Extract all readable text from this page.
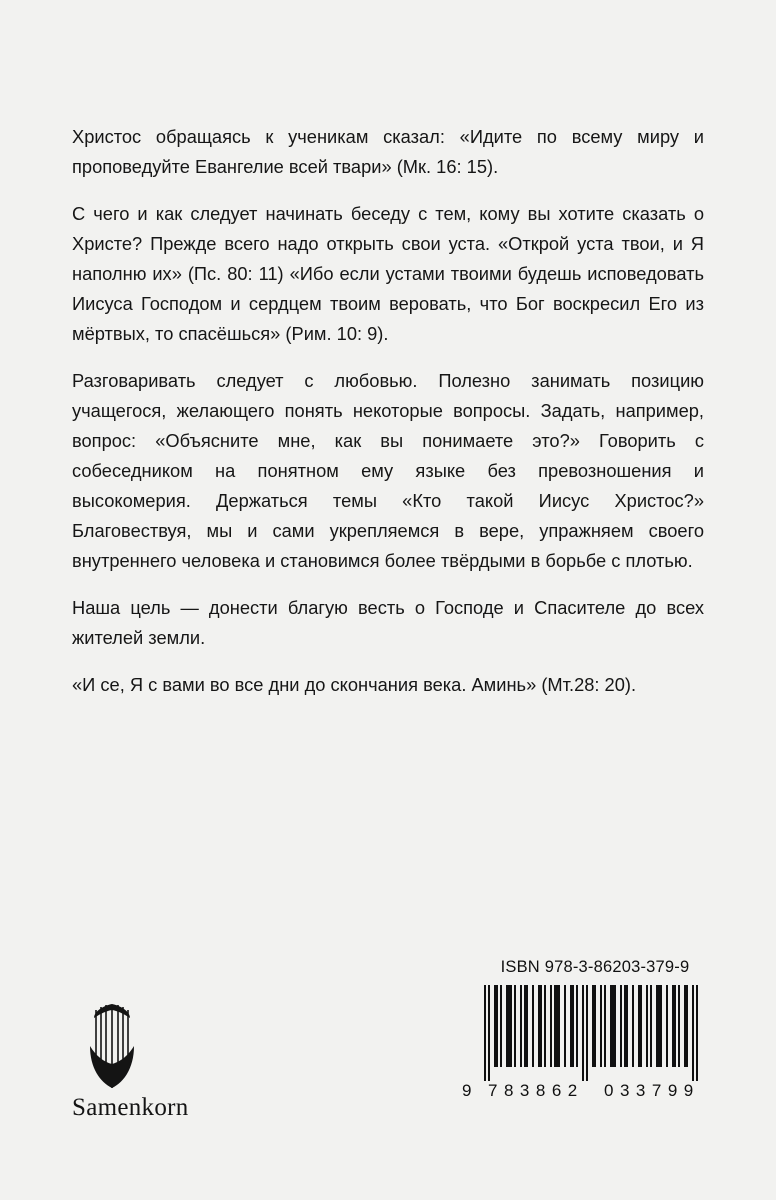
Христос обращаясь к ученикам сказал: «Идите по всему миру и проповедуйте Евангелие всей твари» (Мк. 16: 15).

С чего и как следует начинать беседу с тем, кому вы хотите сказать о Христе? Прежде всего надо открыть свои уста. «Открой уста твои, и Я наполню их» (Пс. 80: 11) «Ибо если устами твоими будешь исповедовать Иисуса Господом и сердцем твоим веровать, что Бог воскресил Его из мёртвых, то спасёшься» (Рим. 10: 9).

Разговаривать следует с любовью. Полезно занимать позицию учащегося, желающего понять некоторые вопросы. Задать, например, вопрос: «Объясните мне, как вы понимаете это?» Говорить с собеседником на понятном ему языке без превозношения и высокомерия. Держаться темы «Кто такой Иисус Христос?» Благовествуя, мы и сами укрепляемся в вере, упражняем своего внутреннего человека и становимся более твёрдыми в борьбе с плотью.

Наша цель — донести благую весть о Господе и Спасителе до всех жителей земли.

«И се, Я с вами во все дни до скончания века. Аминь» (Мт.28: 20).

ISBN 978-3-86203-379-9
9 783862 033799
Samenkorn
